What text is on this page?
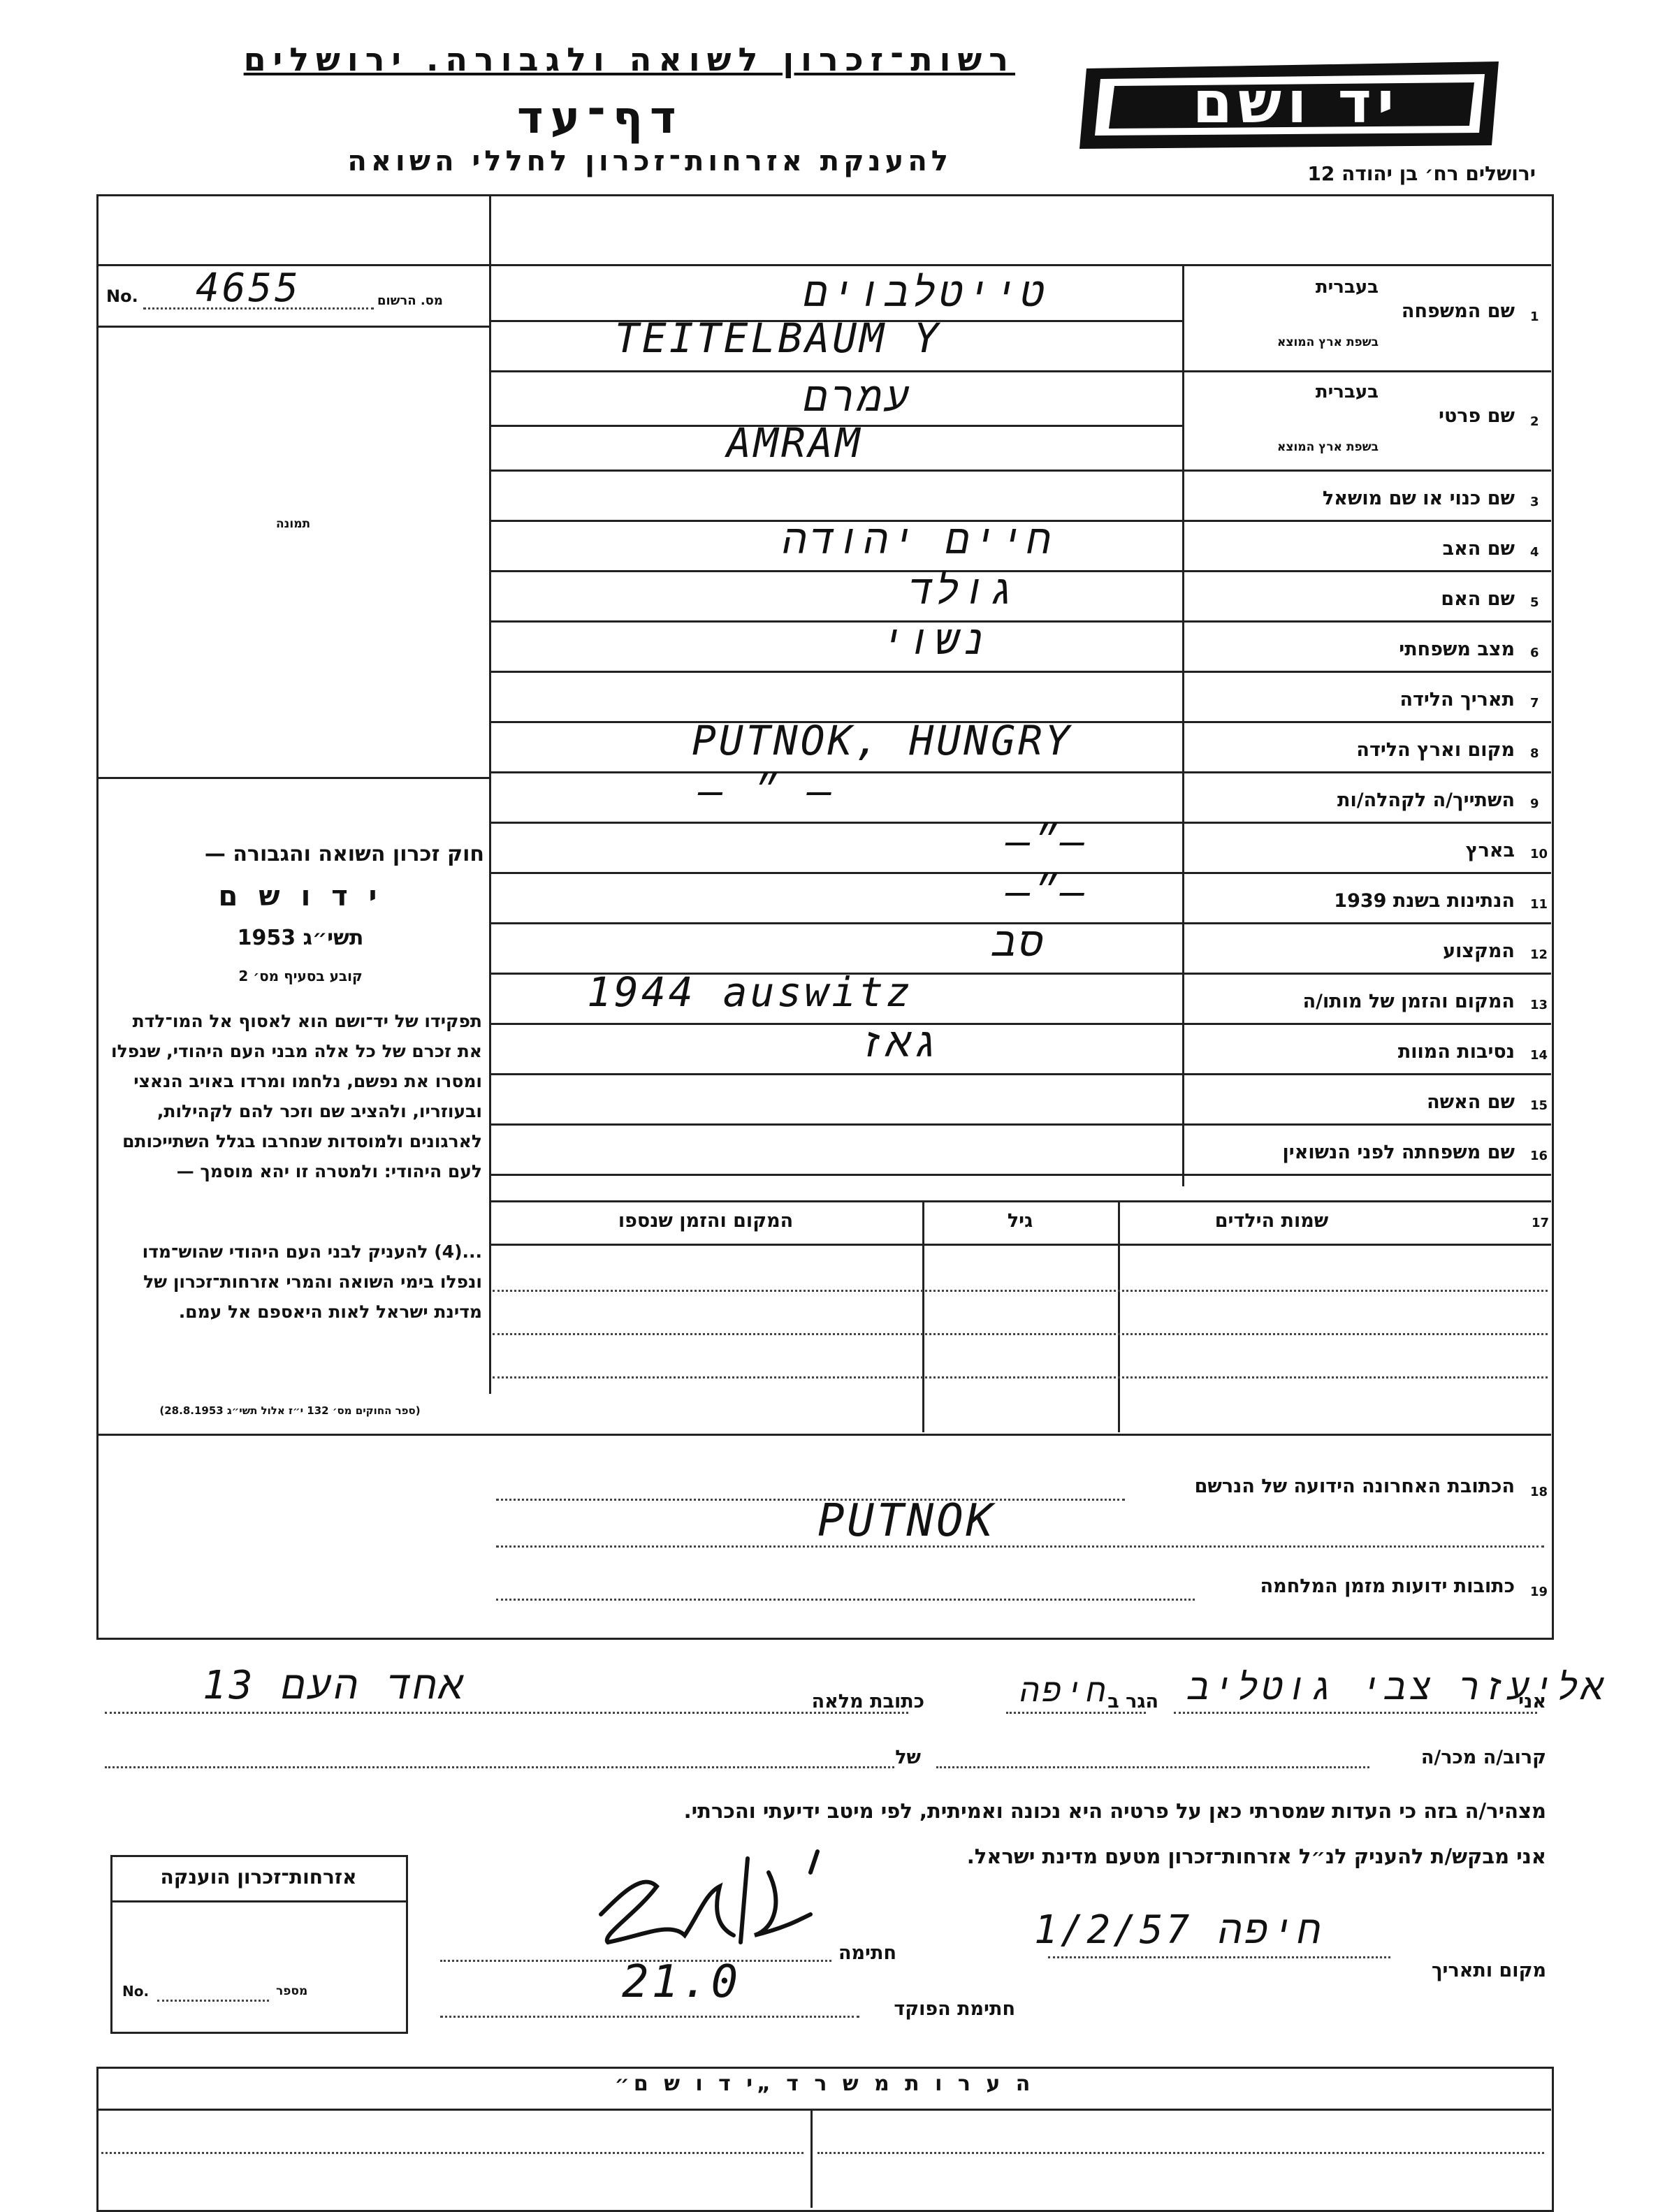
רשות־זכרון לשואה ולגבורה. ירושלים
דף־עד
להענקת אזרחות־זכרון לחללי השואה
יד ושם
ירושלים רח׳ בן יהודה 12
No. 4655	מס. הרשום
תמונה
חוק זכרון השואה והגבורה —
י ד ו ש ם
תשי״ג 1953
קובע בסעיף מס׳ 2
תפקידו של יד־ושם הוא לאסוף אל המו־לדת את זכרם של כל אלה מבני העם היהודי, שנפלו ומסרו את נפשם, נלחמו ומרדו באויב הנאצי ובעוזריו, ולהציב שם וזכר להם לקהילות, לארגונים ולמוסדות שנחרבו בגלל השתייכותם לעם היהודי: ולמטרה זו יהא מוסמך —
...(4) להעניק לבני העם היהודי שהוש־מדו ונפלו בימי השואה והמרי אזרחות־זכרון של מדינת ישראל לאות היאספם אל עמם.
(ספר החוקים מס׳ 132 י״ז אלול תשי״ג 28.8.1953)
1
שם המשפחה
בעברית
בשפת ארץ המוצא
טייטלבוים
TEITELBAUM Y
2
שם פרטי
בעברית
בשפת ארץ המוצא
עמרם
AMRAM
3
שם כנוי או שם מושאל
4
שם האב
חיים יהודה
5
שם האם
גולד
6
מצב משפחתי
נשוי
7
תאריך הלידה
8
מקום וארץ הלידה
PUTNOK, HUNGRY
9
השתייך/ה לקהלה/ות
— ״ —
10
בארץ
—״—
11
הנתינות בשנת 1939
—״—
12
המקצוע
סב
13
המקום והזמן של מותו/ה
1944 auswitz
14
נסיבות המוות
גאז
15
שם האשה
16
שם משפחתה לפני הנשואין
17
שמות הילדים
גיל
המקום והזמן שנספו
18
הכתובת האחרונה הידועה של הנרשם
PUTNOK
19
כתובות ידועות מזמן המלחמה
אני
אליעזר צבי גוטליב
הגר ב
חיפה
כתובת מלאה
אחד העם 13
קרוב/ה מכר/ה
של
מצהיר/ה בזה כי העדות שמסרתי כאן על פרטיה היא נכונה ואמיתית, לפי מיטב ידיעתי והכרתי.
אני מבקש/ת להעניק לנ״ל אזרחות־זכרון מטעם מדינת ישראל.
מקום ותאריך
חיפה 1/2/57
חתימה
חתימת הפוקד
21.0
אזרחות־זכרון הוענקה
No.	מספר
ה ע ר ו ת מ ש ר ד „י ד ו ש ם״
